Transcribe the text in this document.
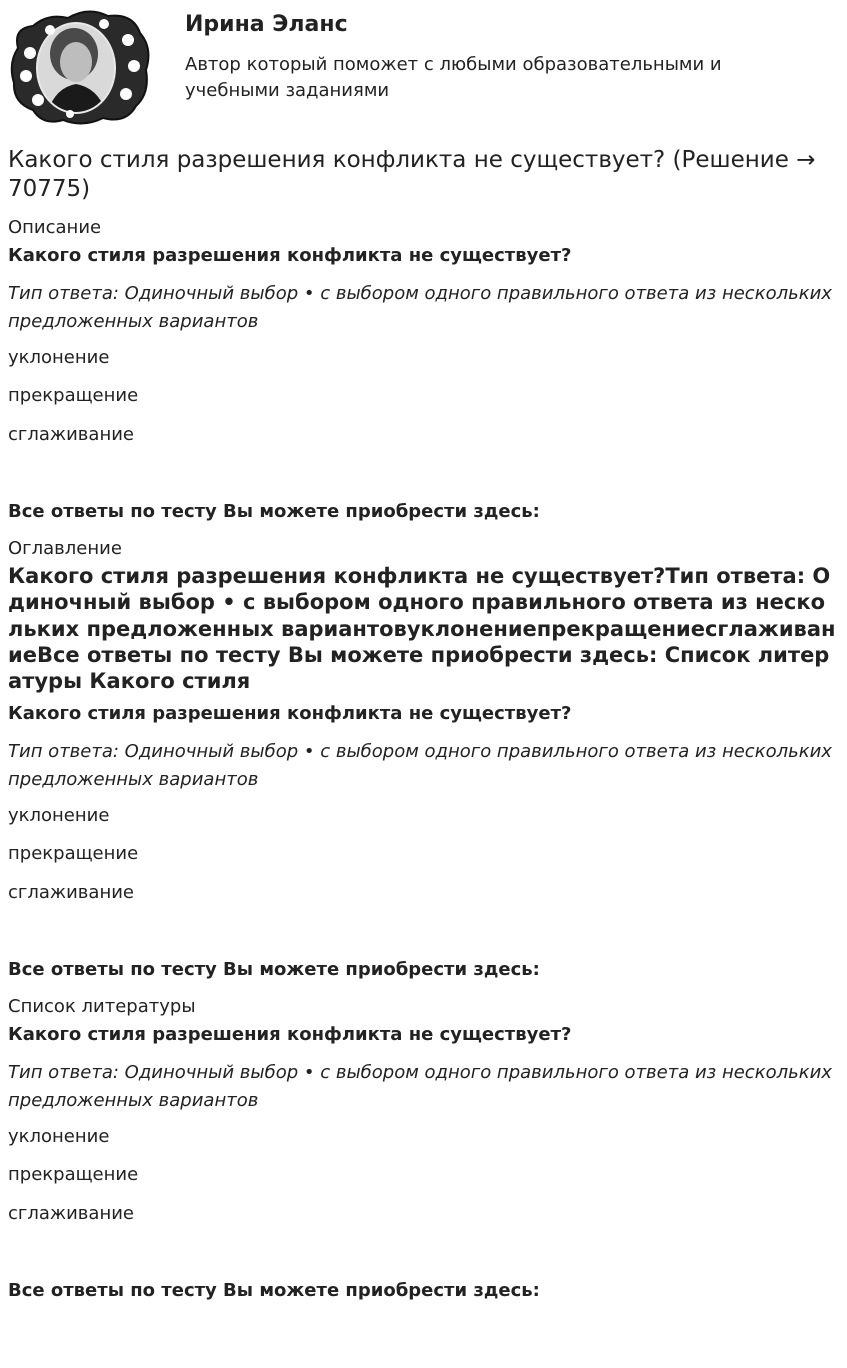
Ирина Эланс
Автор который поможет с любыми образовательными и учебными заданиями
Какого стиля разрешения конфликта не существует? (Решение → 70775)

Описание

Какого стиля разрешения конфликта не существует?

Тип ответа: Одиночный выбор • с выбором одного правильного ответа из нескольких предложенных вариантов

уклонение

прекращение

сглаживание

Все ответы по тесту Вы можете приобрести здесь:

Оглавление

Какого стиля разрешения конфликта не существует?Тип ответа: Одиночный выбор • с выбором одного правильного ответа из нескольких предложенных вариантовуклонениепрекращениесглаживаниеВсе ответы по тесту Вы можете приобрести здесь: Список литературы Какого стиля

Какого стиля разрешения конфликта не существует?

Тип ответа: Одиночный выбор • с выбором одного правильного ответа из нескольких предложенных вариантов

уклонение

прекращение

сглаживание

Все ответы по тесту Вы можете приобрести здесь:

Список литературы

Какого стиля разрешения конфликта не существует?

Тип ответа: Одиночный выбор • с выбором одного правильного ответа из нескольких предложенных вариантов

уклонение

прекращение

сглаживание

Все ответы по тесту Вы можете приобрести здесь:
